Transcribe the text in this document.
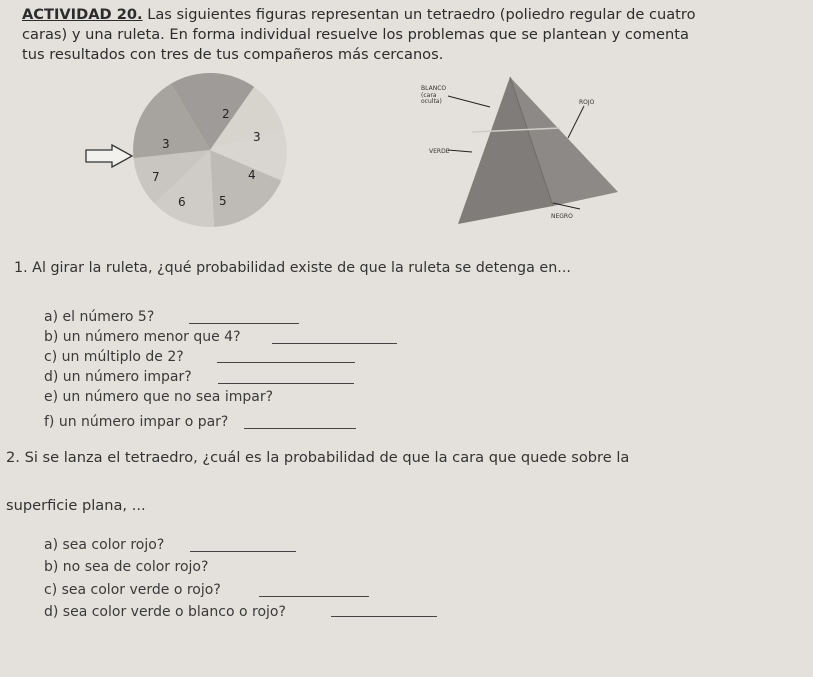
ACTIVIDAD 20. Las siguientes figuras representan un tetraedro (poliedro regular de cuatro
caras) y una ruleta. En forma individual resuelve los problemas que se plantean y comenta
tus resultados con tres de tus compañeros más cercanos.
2
3
4
5
6
7
3
BLANCO
(cara
oculta)	ROJO
VERDE
NEGRO
1. Al girar la ruleta, ¿qué probabilidad existe de que la ruleta se detenga en...
a) el número 5?
b) un número menor que 4?
c) un múltiplo de 2?
d) un número impar?
e) un número que no sea impar?
f) un número impar o par?
2. Si se lanza el tetraedro, ¿cuál es la probabilidad de que la cara que quede sobre la
superficie plana, ...
a) sea color rojo?
b) no sea de color rojo?
c) sea color verde o rojo?
d) sea color verde o blanco o rojo?
